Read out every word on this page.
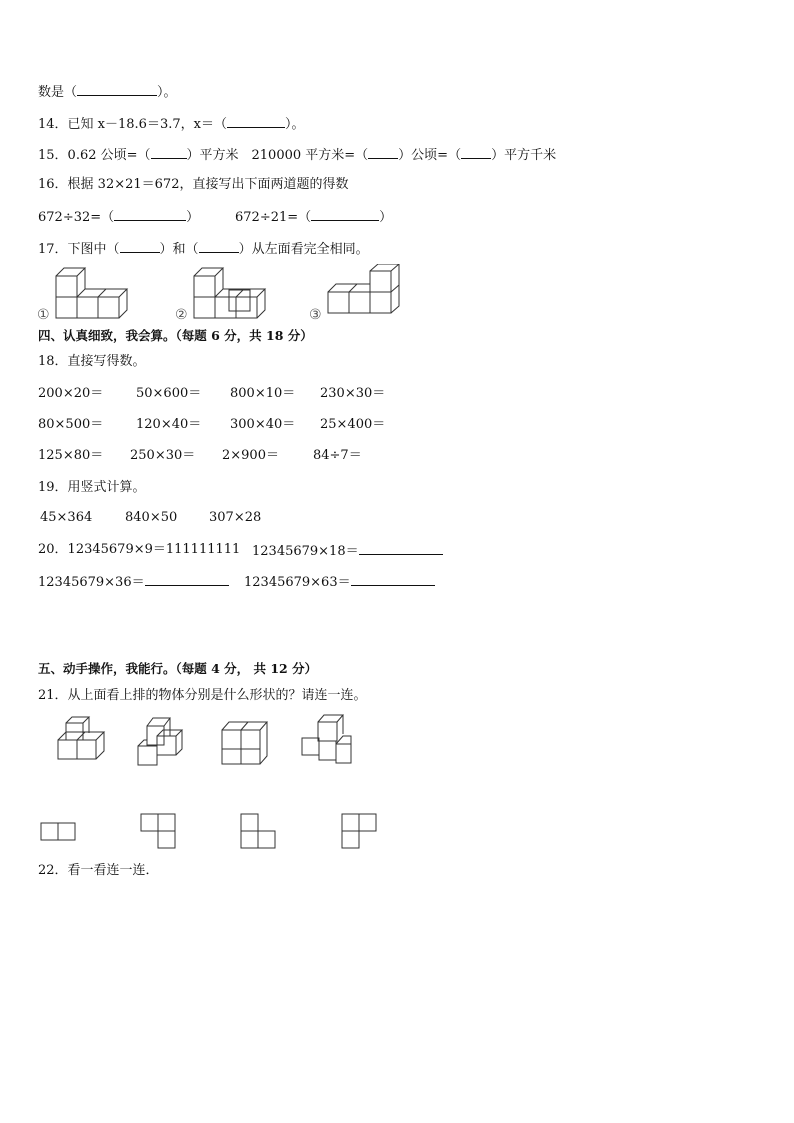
数是（	）。
14．已知 x－18.6＝3.7，x＝（	）。
15．0.62 公顷=（	）平方米　210000 平方米=（ ）公顷=（ ）平方千米
16．根据 32×21＝672，直接写出下面两道题的得数
672÷32=（	）	672÷21=（	）
17．下图中（	）和（	）从左面看完全相同。
①	②	③
四、认真细致，我会算。（每题 6 分，共 18 分）
18．直接写得数。
200×20＝	50×600＝ 800×10＝ 230×30＝
80×500＝	120×40＝ 300×40＝ 25×400＝
125×80＝ 250×30＝ 2×900＝	84÷7＝
19．用竖式计算。
45×364	840×50 307×28
20．12345679×9＝111111111 12345679×18＝
12345679×36＝	12345679×63＝
五、动手操作，我能行。（每题 4 分， 共 12 分）
21．从上面看上排的物体分别是什么形状的？请连一连。
22．看一看连一连．
